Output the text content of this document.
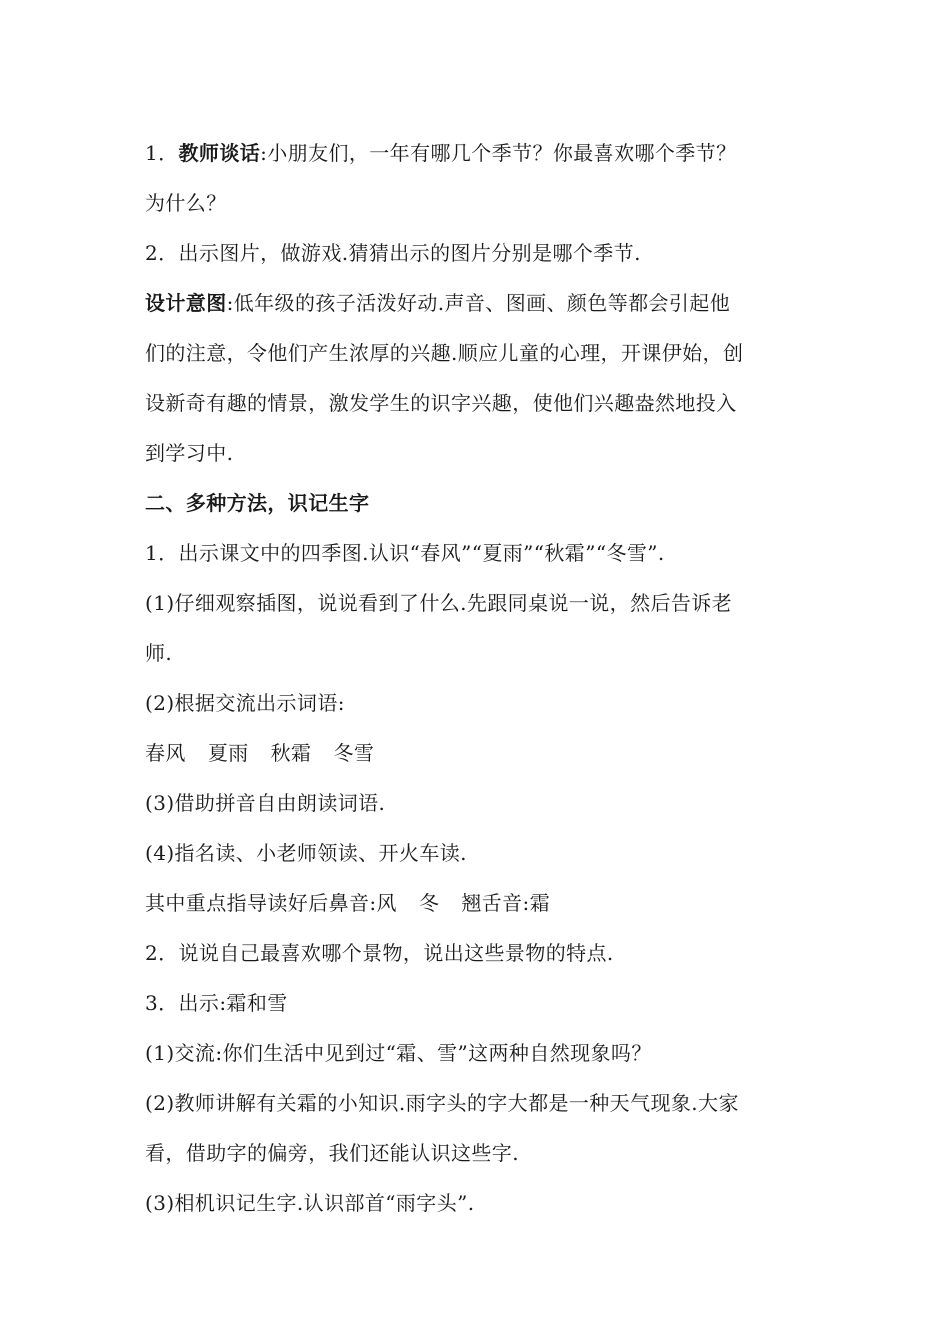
1．教师谈话:小朋友们，一年有哪几个季节？你最喜欢哪个季节？
为什么？
2．出示图片，做游戏.猜猜出示的图片分别是哪个季节.
设计意图:低年级的孩子活泼好动.声音、图画、颜色等都会引起他
们的注意，令他们产生浓厚的兴趣.顺应儿童的心理，开课伊始，创
设新奇有趣的情景，激发学生的识字兴趣，使他们兴趣盎然地投入
到学习中.
二、多种方法，识记生字
1．出示课文中的四季图.认识“春风”“夏雨”“秋霜”“冬雪”.
(1)仔细观察插图，说说看到了什么.先跟同桌说一说，然后告诉老
师.
(2)根据交流出示词语:
春风 夏雨 秋霜 冬雪
(3)借助拼音自由朗读词语.
(4)指名读、小老师领读、开火车读.
其中重点指导读好后鼻音:风 冬 翘舌音:霜
2．说说自己最喜欢哪个景物，说出这些景物的特点.
3．出示:霜和雪
(1)交流:你们生活中见到过“霜、雪”这两种自然现象吗？
(2)教师讲解有关霜的小知识.雨字头的字大都是一种天气现象.大家
看，借助字的偏旁，我们还能认识这些字.
(3)相机识记生字.认识部首“雨字头”.
